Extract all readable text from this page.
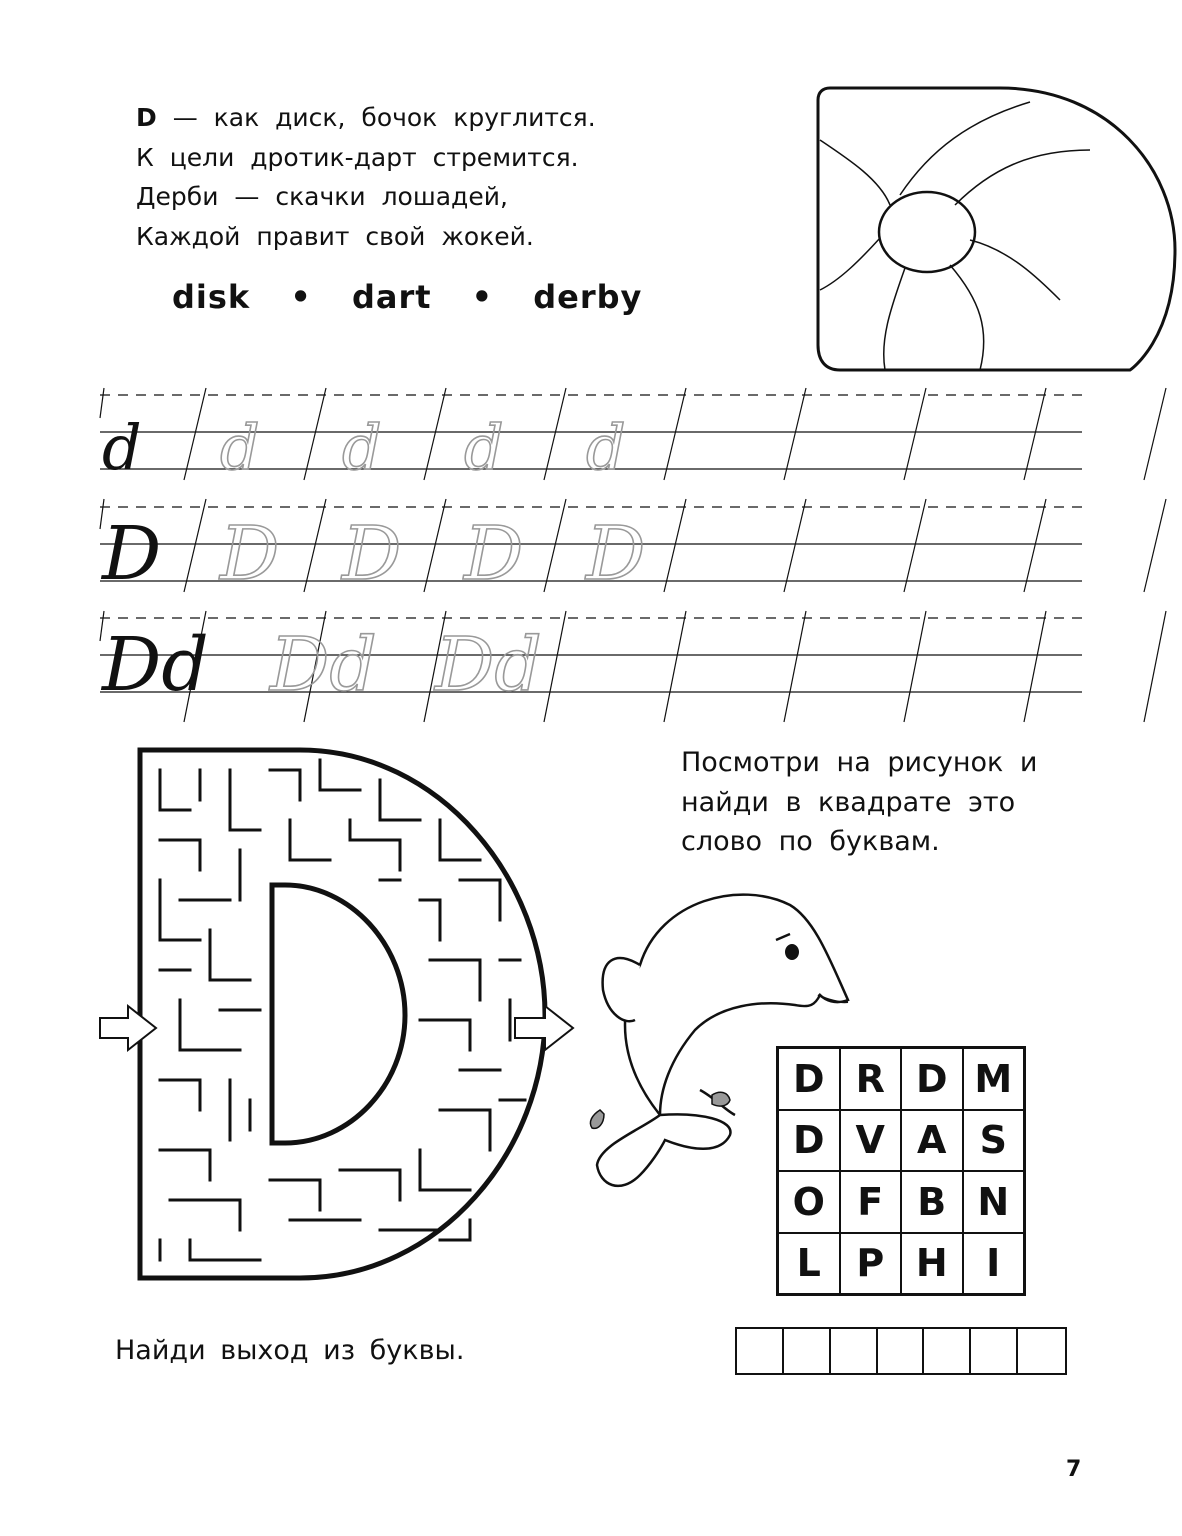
D — как диск, бочок круглится.
К цели дротик-дарт стремится.
Дерби — скачки лошадей,
Каждой правит свой жокей.
disk • dart • derby
d d d d d
D D D D D
Dd Dd Dd
Посмотри на рисунок и
найди в квадрате это
слово по буквам.
D R D M
D V A S
O F B N
L P H	I
Найди выход из буквы.
7
